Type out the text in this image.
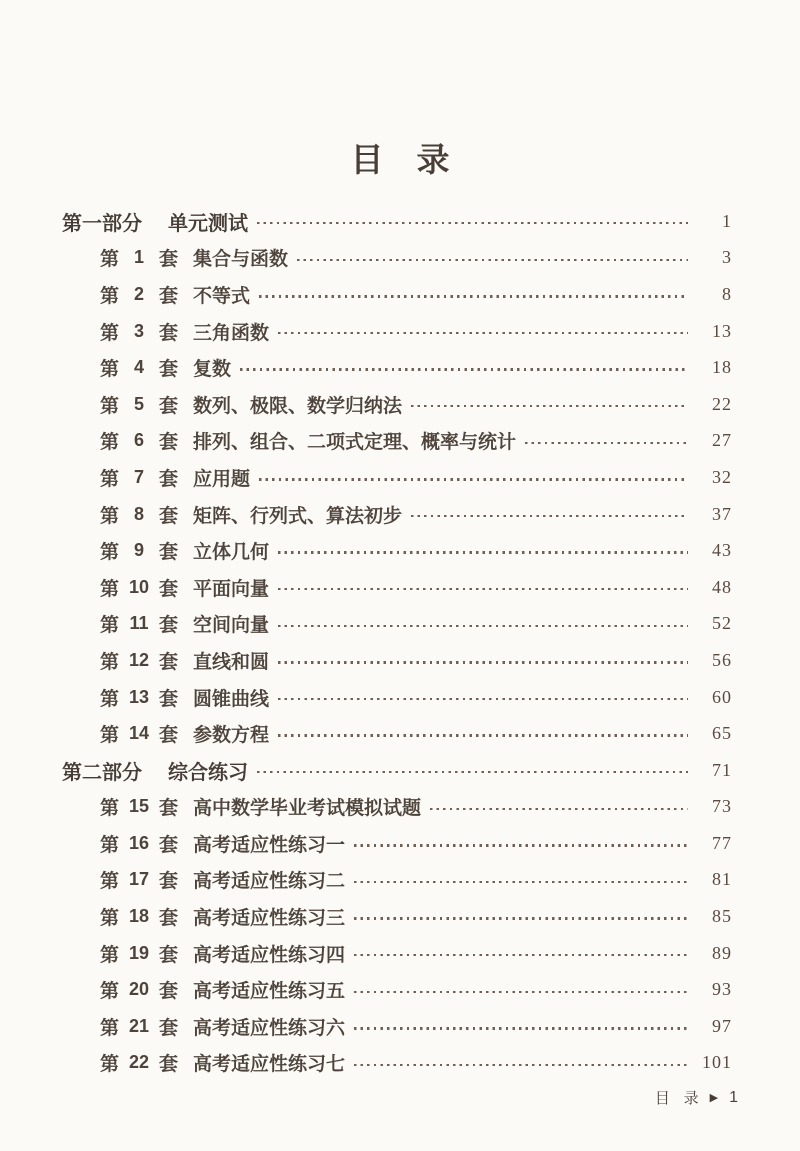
目　录
第一部分 单元测试	1
第 1 套 集合与函数	3
第 2 套 不等式	8
第 3 套 三角函数	13
第 4 套 复数	18
第 5 套 数列、极限、数学归纳法	22
第 6 套 排列、组合、二项式定理、概率与统计	27
第 7 套 应用题	32
第 8 套 矩阵、行列式、算法初步	37
第 9 套 立体几何	43
第 10 套 平面向量	48
第 11 套 空间向量	52
第 12 套 直线和圆	56
第 13 套 圆锥曲线	60
第 14 套 参数方程	65
第二部分 综合练习	71
第 15 套 高中数学毕业考试模拟试题	73
第 16 套 高考适应性练习一	77
第 17 套 高考适应性练习二	81
第 18 套 高考适应性练习三	85
第 19 套 高考适应性练习四	89
第 20 套 高考适应性练习五	93
第 21 套 高考适应性练习六	97
第 22 套 高考适应性练习七	101
目 录 ▶ 1
